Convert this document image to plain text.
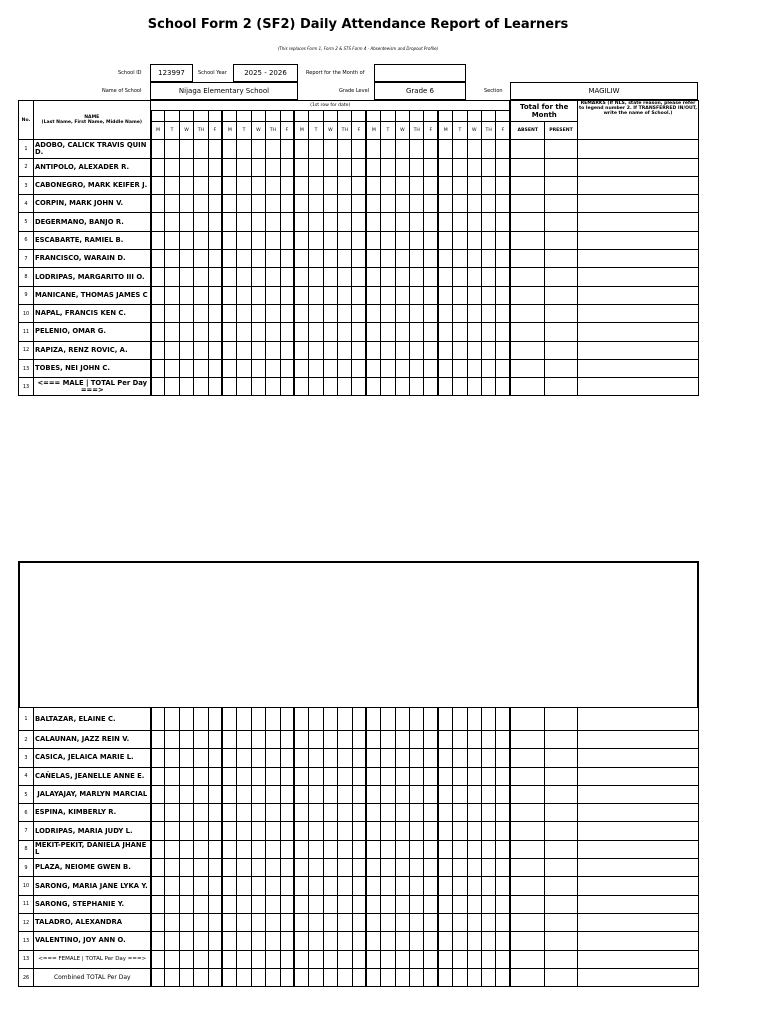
School Form 2 (SF2) Daily Attendance Report of Learners
(This replaces Form 1, Form 2 & STS Form 4 - Absenteeism and Dropout Profile)
School ID	123997	School Year	2025 - 2026	Report for the Month of
Name of School	Nijaga Elementary School	Grade Level	Grade 6	Section	MAGILIW
No.	NAME
(Last Name, First Name, Middle Name)	(1st row for date)																									Total for the Month		REMARKS (If NLS, state reason, please refer to legend number 2. If TRANSFERRED IN/OUT, write the name of School.)

		M	T	W	TH	F	M	T	W	TH	F	M	T	W	TH	F	M	T	W	TH	F	M	T	W	TH	F	ABSENT	PRESENT	
1	ADOBO, CALICK TRAVIS QUIN D.																												
2	ANTIPOLO, ALEXADER R.																												
3	CABONEGRO, MARK KEIFER J.																												
4	CORPIN, MARK JOHN V.																												
5	DEGERMANO, BANJO R.																												
6	ESCABARTE, RAMIEL B.																												
7	FRANCISCO, WARAIN D.																												
8	LODRIPAS, MARGARITO III O.																												
9	MANICANE, THOMAS JAMES C																												
10	NAPAL, FRANCIS KEN C.																												
11	PELENIO, OMAR G.																												
12	RAPIZA, RENZ ROVIC, A.																												
13	TOBES, NEI JOHN C.																												
13	<=== MALE | TOTAL Per Day ===>																												
1	BALTAZAR, ELAINE C.																												
2	CALAUNAN, JAZZ REIN V.																												
3	CASICA, JELAICA MARIE L.																												
4	CAÑELAS, JEANELLE ANNE E.																												
5	JALAYAJAY, MARLYN MARCIAL																												
6	ESPINA, KIMBERLY R.																												
7	LODRIPAS, MARIA JUDY L.																												
8	MEKIT-PEKIT, DANIELA JHANE L																												
9	PLAZA, NEIOME GWEN B.																												
10	SARONG, MARIA JANE LYKA Y.																												
11	SARONG, STEPHANIE Y.																												
12	TALADRO, ALEXANDRA																												
13	VALENTINO, JOY ANN O.																												
13	<=== FEMALE | TOTAL Per Day ===>																												
26	Combined TOTAL Per Day																												
